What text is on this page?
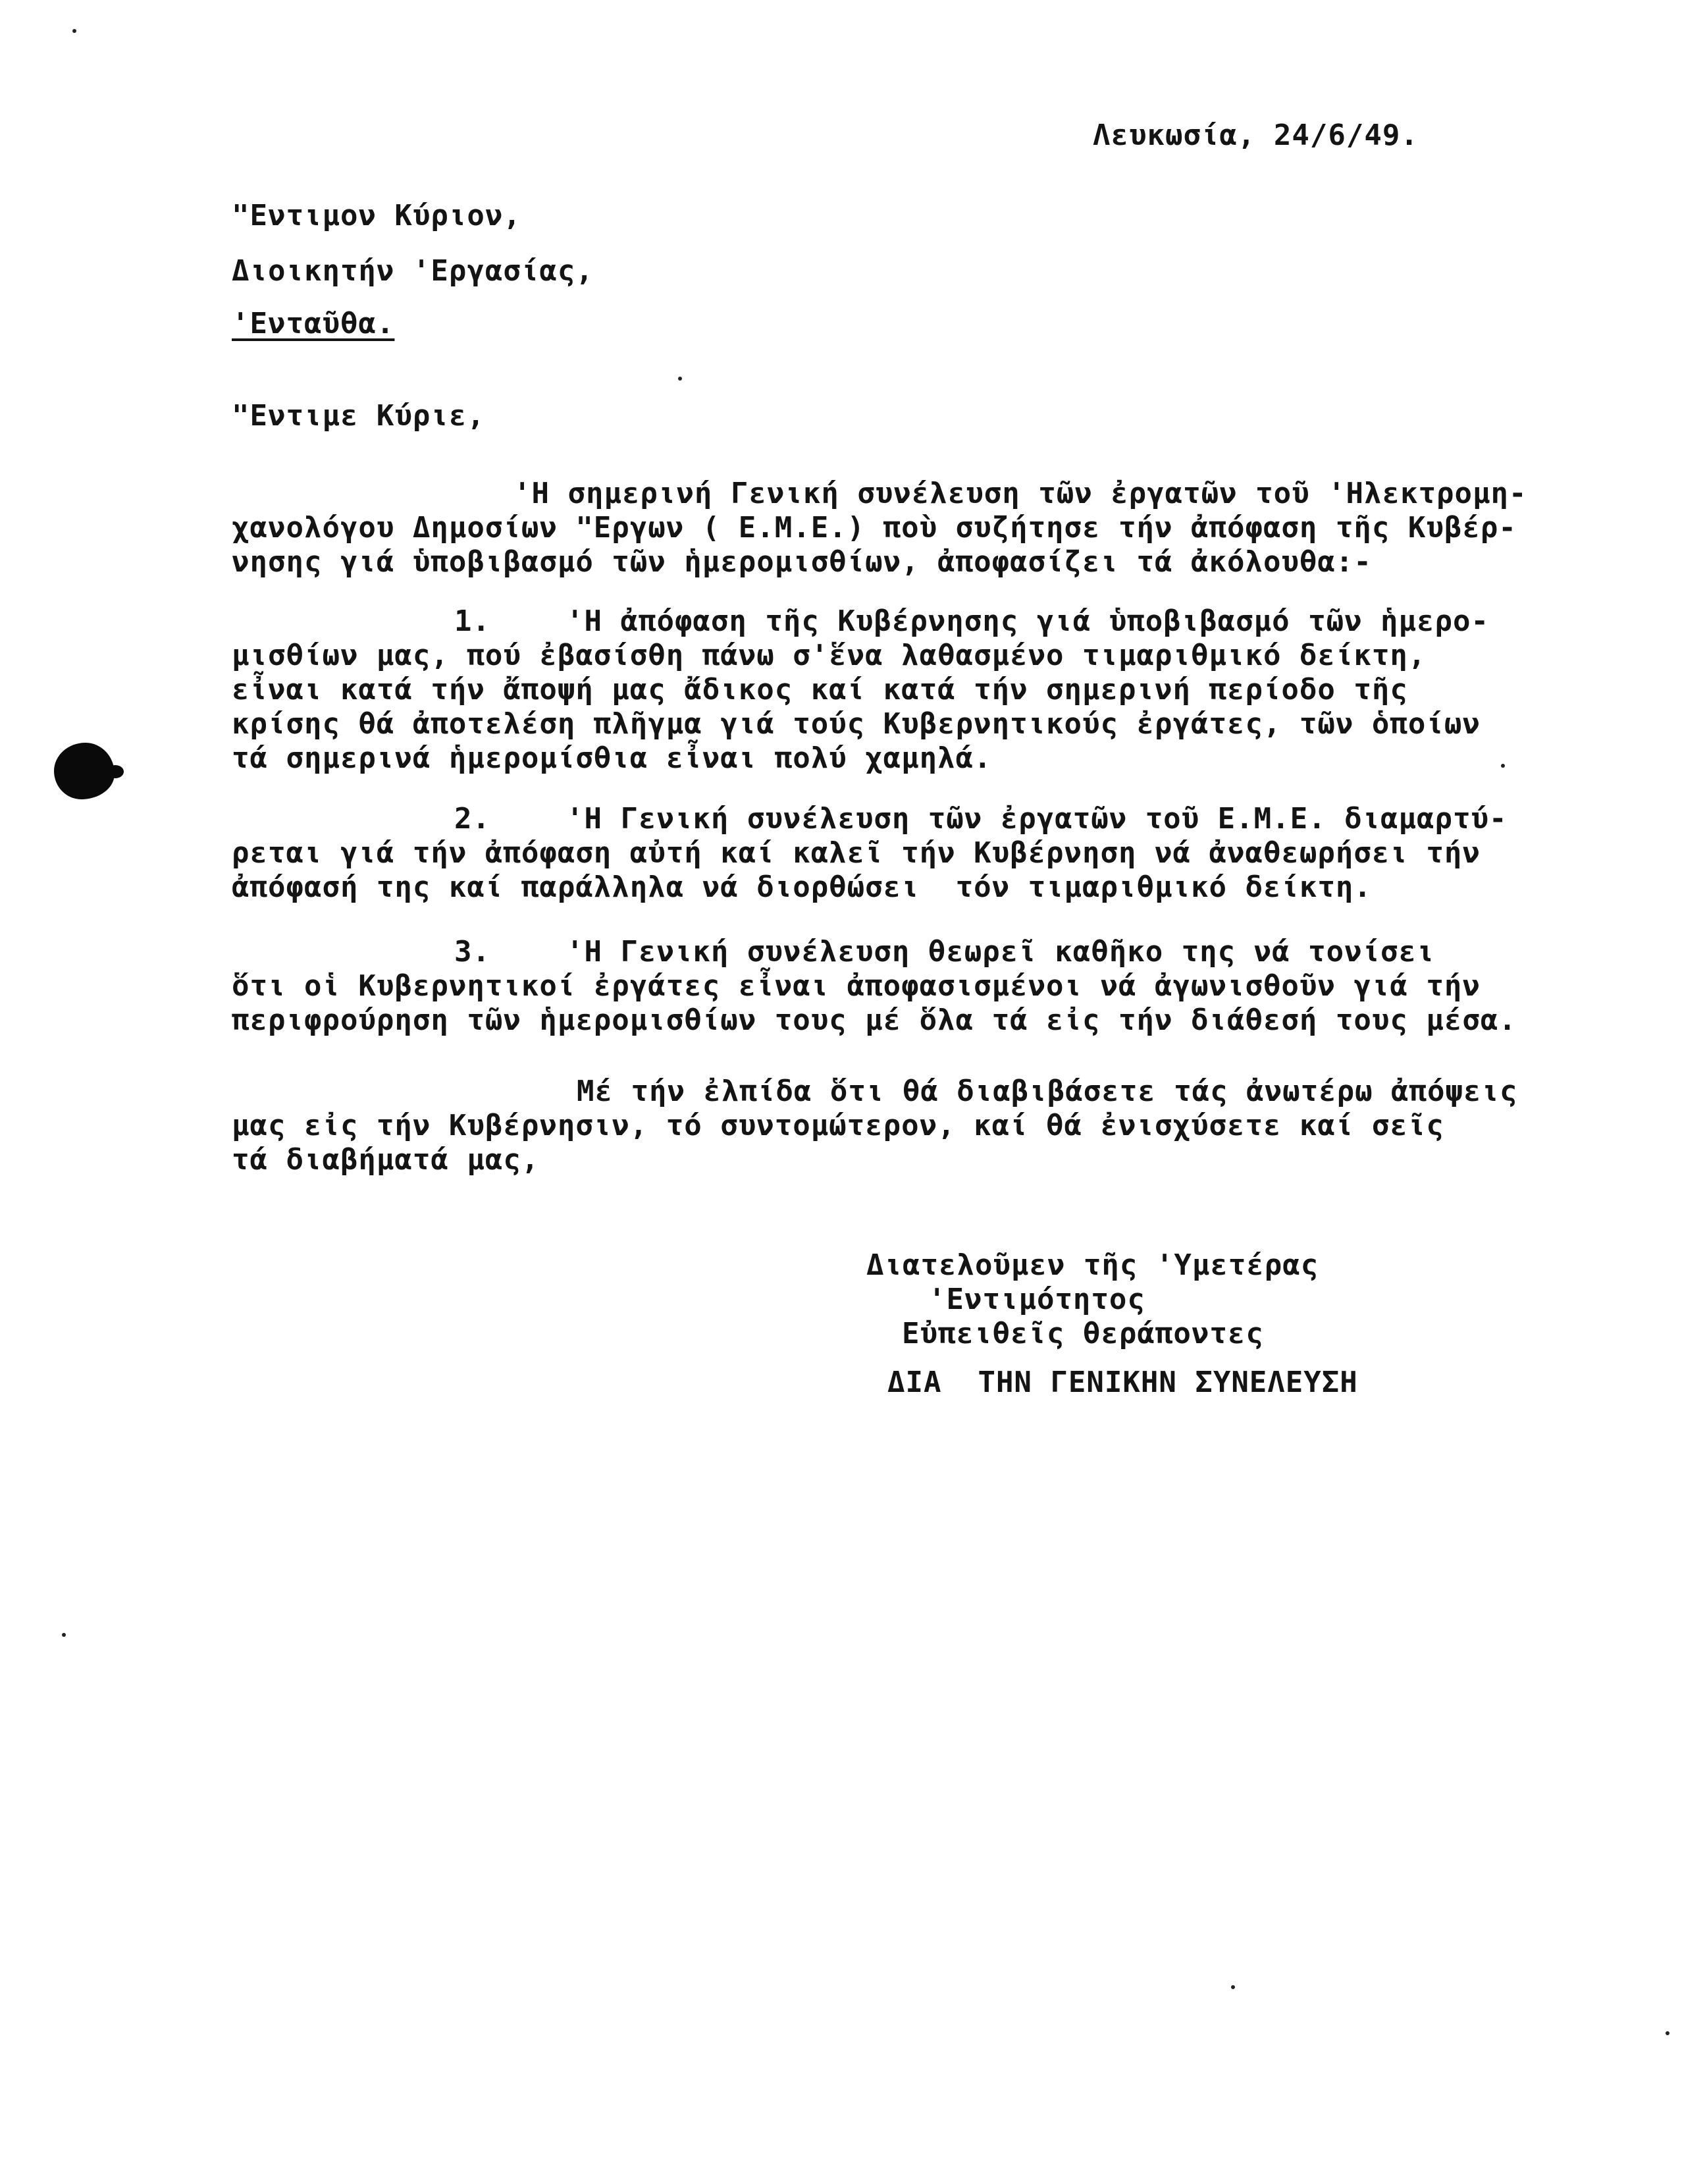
Λευκωσία, 24/6/49.
"Εντιμον Κύριον,
Διοικητήν 'Εργασίας,
'Ενταῦθα.
"Εντιμε Κύριε,
'Η σημερινή Γενική συνέλευση τῶν ἐργατῶν τοῦ 'Ηλεκτρομη-
χανολόγου Δημοσίων "Εργων ( Ε.Μ.Ε.) ποὺ συζήτησε τήν ἀπόφαση τῆς Κυβέρ-
νησης γιά ὑποβιβασμό τῶν ἡμερομισθίων, ἀποφασίζει τά ἀκόλουθα:-
1.	'Η ἀπόφαση τῆς Κυβέρνησης γιά ὑποβιβασμό τῶν ἡμερο-
μισθίων μας, πού ἐβασίσθη πάνω σ'ἕνα λαθασμένο τιμαριθμικό δείκτη,
εἶναι κατά τήν ἄποψή μας ἄδικος καί κατά τήν σημερινή περίοδο τῆς
κρίσης θά ἀποτελέση πλῆγμα γιά τούς Κυβερνητικούς ἐργάτες, τῶν ὁποίων
τά σημερινά ἡμερομίσθια εἶναι πολύ χαμηλά.
2.	'Η Γενική συνέλευση τῶν ἐργατῶν τοῦ Ε.Μ.Ε. διαμαρτύ-
ρεται γιά τήν ἀπόφαση αὐτή καί καλεῖ τήν Κυβέρνηση νά ἀναθεωρήσει τήν
ἀπόφασή της καί παράλληλα νά διορθώσει  τόν τιμαριθμικό δείκτη.
3.	'Η Γενική συνέλευση θεωρεῖ καθῆκο της νά τονίσει
ὅτι οἱ Κυβερνητικοί ἐργάτες εἶναι ἀποφασισμένοι νά ἀγωνισθοῦν γιά τήν
περιφρούρηση τῶν ἡμερομισθίων τους μέ ὅλα τά εἰς τήν διάθεσή τους μέσα.
Μέ τήν ἐλπίδα ὅτι θά διαβιβάσετε τάς ἀνωτέρω ἀπόψεις
μας εἰς τήν Κυβέρνησιν, τό συντομώτερον, καί θά ἐνισχύσετε καί σεῖς
τά διαβήματά μας,
Διατελοῦμεν τῆς 'Υμετέρας
'Εντιμότητος
Εὐπειθεῖς θεράποντες
ΔΙΑ  ΤΗΝ ΓΕΝΙΚΗΝ ΣΥΝΕΛΕΥΣΗ
